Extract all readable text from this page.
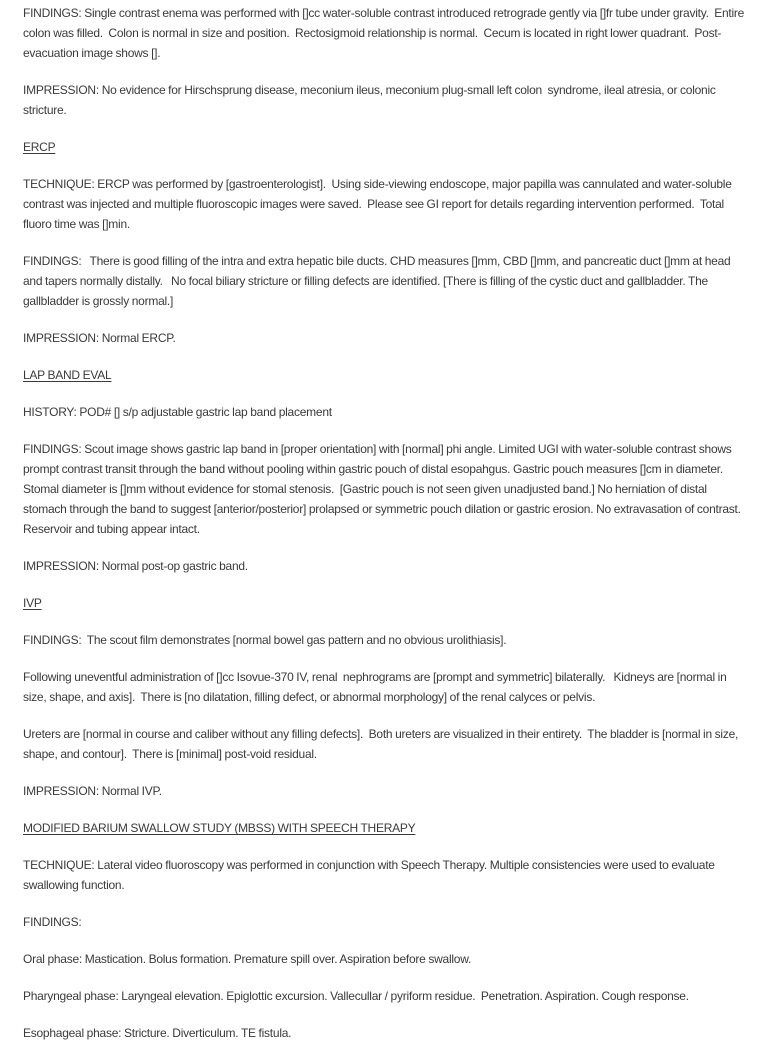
FINDINGS: Single contrast enema was performed with []cc water-soluble contrast introduced retrograde gently via []fr tube under gravity.  Entire colon was filled.  Colon is normal in size and position.  Rectosigmoid relationship is normal.  Cecum is located in right lower quadrant.  Post-evacuation image shows [].

IMPRESSION: No evidence for Hirschsprung disease, meconium ileus, meconium plug-small left colon  syndrome, ileal atresia, or colonic stricture.

ERCP

TECHNIQUE: ERCP was performed by [gastroenterologist].  Using side-viewing endoscope, major papilla was cannulated and water-soluble contrast was injected and multiple fluoroscopic images were saved.  Please see GI report for details regarding intervention performed.  Total fluoro time was []min.

FINDINGS:   There is good filling of the intra and extra hepatic bile ducts. CHD measures []mm, CBD []mm, and pancreatic duct []mm at head and tapers normally distally.   No focal biliary stricture or filling defects are identified. [There is filling of the cystic duct and gallbladder. The gallbladder is grossly normal.]

IMPRESSION: Normal ERCP.

LAP BAND EVAL

HISTORY: POD# [] s/p adjustable gastric lap band placement

FINDINGS: Scout image shows gastric lap band in [proper orientation] with [normal] phi angle. Limited UGI with water-soluble contrast shows prompt contrast transit through the band without pooling within gastric pouch of distal esopahgus. Gastric pouch measures []cm in diameter. Stomal diameter is []mm without evidence for stomal stenosis.  [Gastric pouch is not seen given unadjusted band.] No herniation of distal stomach through the band to suggest [anterior/posterior] prolapsed or symmetric pouch dilation or gastric erosion. No extravasation of contrast.  Reservoir and tubing appear intact.

IMPRESSION: Normal post-op gastric band.

IVP

FINDINGS:  The scout film demonstrates [normal bowel gas pattern and no obvious urolithiasis].

Following uneventful administration of []cc Isovue-370 IV, renal  nephrograms are [prompt and symmetric] bilaterally.   Kidneys are [normal in size, shape, and axis].  There is [no dilatation, filling defect, or abnormal morphology] of the renal calyces or pelvis.

Ureters are [normal in course and caliber without any filling defects].  Both ureters are visualized in their entirety.  The bladder is [normal in size, shape, and contour].  There is [minimal] post-void residual.

IMPRESSION: Normal IVP.

MODIFIED BARIUM SWALLOW STUDY (MBSS) WITH SPEECH THERAPY

TECHNIQUE: Lateral video fluoroscopy was performed in conjunction with Speech Therapy. Multiple consistencies were used to evaluate swallowing function.

FINDINGS:

Oral phase: Mastication. Bolus formation. Premature spill over. Aspiration before swallow.

Pharyngeal phase: Laryngeal elevation. Epiglottic excursion. Vallecullar / pyriform residue.  Penetration. Aspiration. Cough response.

Esophageal phase: Stricture. Diverticulum. TE fistula.
